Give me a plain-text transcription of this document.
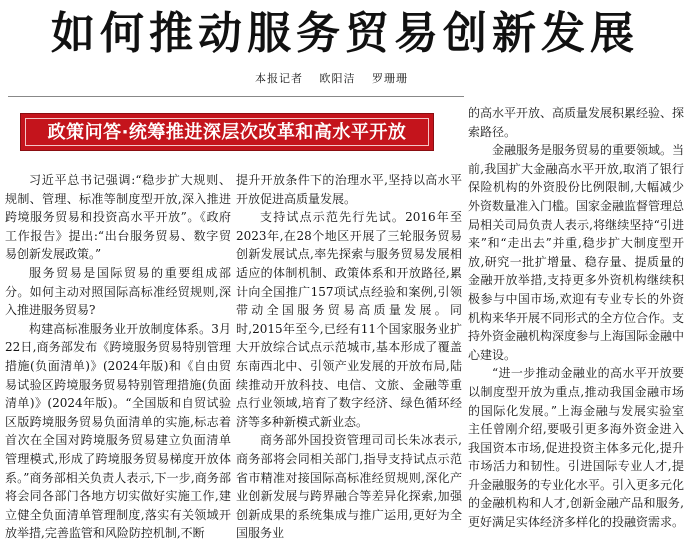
如何推动服务贸易创新发展
本报记者 欧阳洁 罗珊珊
政策问答·统筹推进深层次改革和高水平开放

习近平总书记强调:“稳步扩大规则、规制、管理、标准等制度型开放,深入推进跨境服务贸易和投资高水平开放”。《政府工作报告》提出:“出台服务贸易、数字贸易创新发展政策。”

服务贸易是国际贸易的重要组成部分。如何主动对照国际高标准经贸规则,深入推进服务贸易?

构建高标准服务业开放制度体系。3月22日,商务部发布《跨境服务贸易特别管理措施(负面清单)》(2024年版)和《自由贸易试验区跨境服务贸易特别管理措施(负面清单)》(2024年版)。“全国版和自贸试验区版跨境服务贸易负面清单的实施,标志着首次在全国对跨境服务贸易建立负面清单管理模式,形成了跨境服务贸易梯度开放体系。”商务部相关负责人表示,下一步,商务部将会同各部门各地方切实做好实施工作,建立健全负面清单管理制度,落实有关领域开放举措,完善监管和风险防控机制,不断

提升开放条件下的治理水平,坚持以高水平开放促进高质量发展。

支持试点示范先行先试。2016年至2023年,在28个地区开展了三轮服务贸易创新发展试点,率先探索与服务贸易发展相适应的体制机制、政策体系和开放路径,累计向全国推广157项试点经验和案例,引领带动全国服务贸易高质量发展。同时,2015年至今,已经有11个国家服务业扩大开放综合试点示范城市,基本形成了覆盖东南西北中、引领产业发展的开放布局,陆续推动开放科技、电信、文旅、金融等重点行业领域,培育了数字经济、绿色循环经济等多种新模式新业态。

商务部外国投资管理司司长朱冰表示,商务部将会同相关部门,指导支持试点示范省市精准对接国际高标准经贸规则,深化产业创新发展与跨界融合等差异化探索,加强创新成果的系统集成与推广运用,更好为全国服务业

的高水平开放、高质量发展积累经验、探索路径。

金融服务是服务贸易的重要领域。当前,我国扩大金融高水平开放,取消了银行保险机构的外资股份比例限制,大幅减少外资数量准入门槛。国家金融监督管理总局相关司局负责人表示,将继续坚持“引进来”和“走出去”并重,稳步扩大制度型开放,研究一批扩增量、稳存量、提质量的金融开放举措,支持更多外资机构继续积极参与中国市场,欢迎有专业专长的外资机构来华开展不同形式的全方位合作。支持外资金融机构深度参与上海国际金融中心建设。

“进一步推动金融业的高水平开放要以制度型开放为重点,推动我国金融市场的国际化发展。”上海金融与发展实验室主任曾刚介绍,要吸引更多海外资金进入我国资本市场,促进投资主体多元化,提升市场活力和韧性。引进国际专业人才,提升金融服务的专业化水平。引入更多元化的金融机构和人才,创新金融产品和服务,更好满足实体经济多样化的投融资需求。
